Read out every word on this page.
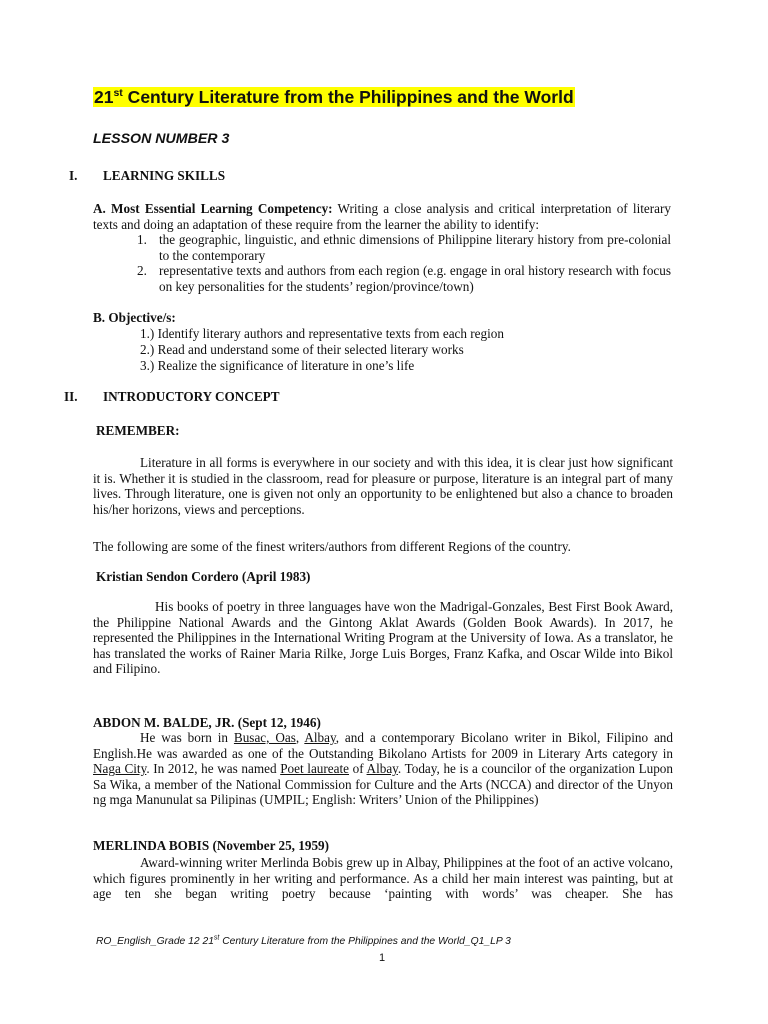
21st Century Literature from the Philippines and the World
LESSON NUMBER 3
I. LEARNING SKILLS
A. Most Essential Learning Competency: Writing a close analysis and critical interpretation of literary texts and doing an adaptation of these require from the learner the ability to identify:
1. the geographic, linguistic, and ethnic dimensions of Philippine literary history from pre-colonial to the contemporary
2. representative texts and authors from each region (e.g. engage in oral history research with focus on key personalities for the students’ region/province/town)
B. Objective/s:
1.) Identify literary authors and representative texts from each region
2.) Read and understand some of their selected literary works
3.) Realize the significance of literature in one’s life
II. INTRODUCTORY CONCEPT
REMEMBER:
Literature in all forms is everywhere in our society and with this idea, it is clear just how significant it is. Whether it is studied in the classroom, read for pleasure or purpose, literature is an integral part of many lives. Through literature, one is given not only an opportunity to be enlightened but also a chance to broaden his/her horizons, views and perceptions.
The following are some of the finest writers/authors from different Regions of the country.
Kristian Sendon Cordero (April 1983)
His books of poetry in three languages have won the Madrigal-Gonzales, Best First Book Award, the Philippine National Awards and the Gintong Aklat Awards (Golden Book Awards). In 2017, he represented the Philippines in the International Writing Program at the University of Iowa. As a translator, he has translated the works of Rainer Maria Rilke, Jorge Luis Borges, Franz Kafka, and Oscar Wilde into Bikol and Filipino.
ABDON M. BALDE, JR. (Sept 12, 1946)
He was born in Busac, Oas, Albay, and a contemporary Bicolano writer in Bikol, Filipino and English.He was awarded as one of the Outstanding Bikolano Artists for 2009 in Literary Arts category in Naga City. In 2012, he was named Poet laureate of Albay. Today, he is a councilor of the organization Lupon Sa Wika, a member of the National Commission for Culture and the Arts (NCCA) and director of the Unyon ng mga Manunulat sa Pilipinas (UMPIL; English: Writers’ Union of the Philippines)
MERLINDA BOBIS (November 25, 1959)
Award-winning writer Merlinda Bobis grew up in Albay, Philippines at the foot of an active volcano, which figures prominently in her writing and performance. As a child her main interest was painting, but at age ten she began writing poetry because ‘painting with words’ was cheaper. She has
RO_English_Grade 12 21st Century Literature from the Philippines and the World_Q1_LP 3
1
